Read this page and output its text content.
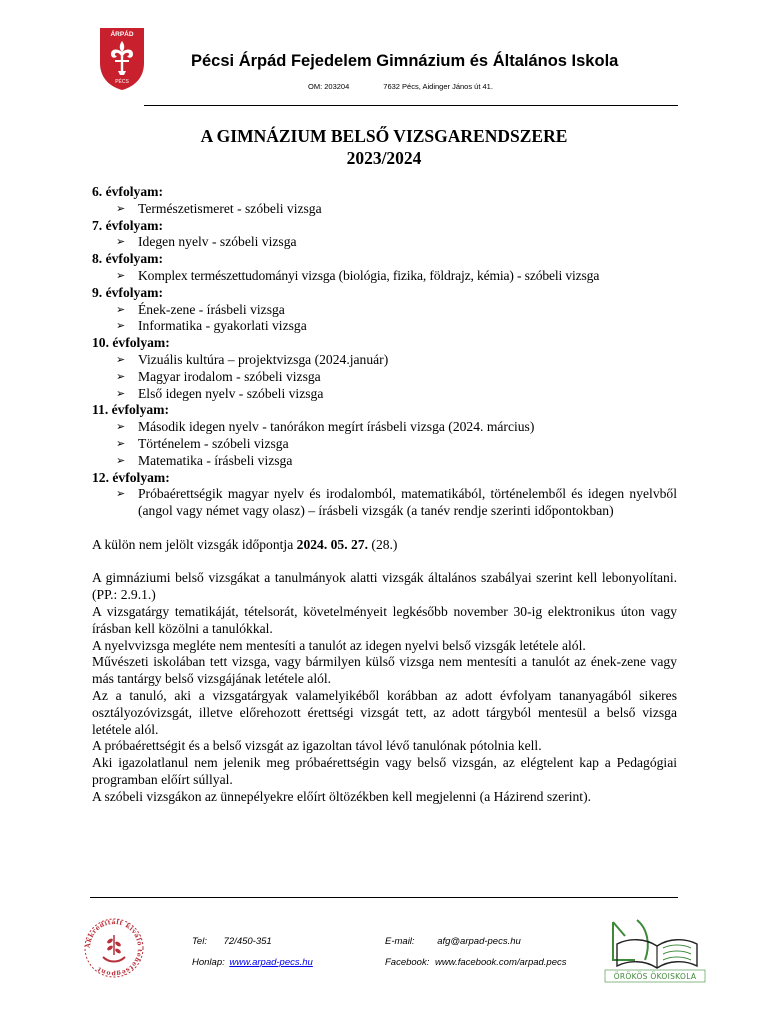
ÁRPÁD
PÉCS
Pécsi Árpád Fejedelem Gimnázium és Általános Iskola
OM: 203204	7632 Pécs, Aidinger János út 41.
A GIMNÁZIUM BELSŐ VIZSGARENDSZERE
2023/2024
6. évfolyam:
➢ Természetismeret - szóbeli vizsga
7. évfolyam:
➢ Idegen nyelv - szóbeli vizsga
8. évfolyam:
➢ Komplex természettudományi vizsga (biológia, fizika, földrajz, kémia) - szóbeli vizsga
9. évfolyam:
➢ Ének-zene - írásbeli vizsga
➢ Informatika - gyakorlati vizsga
10. évfolyam:
➢ Vizuális kultúra – projektvizsga (2024.január)
➢ Magyar irodalom - szóbeli vizsga
➢ Első idegen nyelv - szóbeli vizsga
11. évfolyam:
➢ Második idegen nyelv - tanórákon megírt írásbeli vizsga (2024. március)
➢ Történelem - szóbeli vizsga
➢ Matematika - írásbeli vizsga
12. évfolyam:
➢ Próbaérettségik magyar nyelv és irodalomból, matematikából, történelemből és idegen nyelvből (angol vagy német vagy olasz) – írásbeli vizsgák (a tanév rendje szerinti időpontokban)
A külön nem jelölt vizsgák időpontja 2024. 05. 27. (28.)
A gimnáziumi belső vizsgákat a tanulmányok alatti vizsgák általános szabályai szerint kell lebonyolítani. (PP.: 2.9.1.)
A vizsgatárgy tematikáját, tételsorát, követelményeit legkésőbb november 30-ig elektronikus úton vagy írásban kell közölni a tanulókkal.
A nyelvvizsga megléte nem mentesíti a tanulót az idegen nyelvi belső vizsgák letétele alól.
Művészeti iskolában tett vizsga, vagy bármilyen külső vizsga nem mentesíti a tanulót az ének-zene vagy más tantárgy belső vizsgájának letétele alól.
Az a tanuló, aki a vizsgatárgyak valamelyikéből korábban az adott évfolyam tananyagából sikeres osztályozóvizsgát, illetve előrehozott érettségi vizsgát tett, az adott tárgyból mentesül a belső vizsga letétele alól.
A próbaérettségit és a belső vizsgát az igazoltan távol lévő tanulónak pótolnia kell.
Aki igazolatlanul nem jelenik meg próbaérettségin vagy belső vizsgán, az elégtelent kap a Pedagógiai programban előírt súllyal.
A szóbeli vizsgákon az ünnepélyekre előírt öltözékben kell megjelenni (a Házirend szerint).
Akkreditált kiváló tehetségpont
Tel: 72/450-351
Honlap: www.arpad-pecs.hu
E-mail: afg@arpad-pecs.hu
Facebook: www.facebook.com/arpad.pecs
ÖRÖKÖS ÖKOISKOLA
